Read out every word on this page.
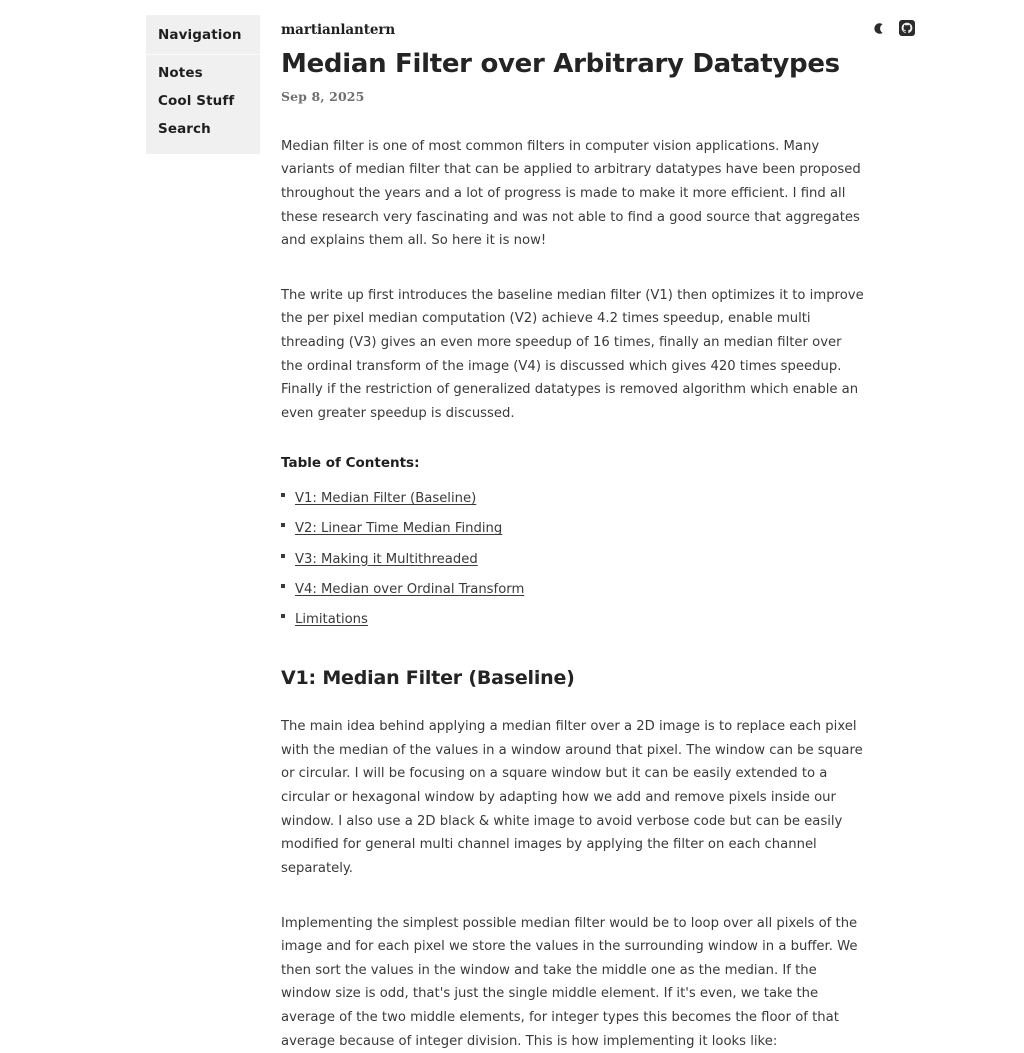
Navigation
Notes
Cool Stuff
Search
martianlantern
Median Filter over Arbitrary Datatypes
Sep 8, 2025

Median filter is one of most common filters in computer vision applications. Many variants of median filter that can be applied to arbitrary datatypes have been proposed throughout the years and a lot of progress is made to make it more efficient. I find all these research very fascinating and was not able to find a good source that aggregates and explains them all. So here it is now!

The write up first introduces the baseline median filter (V1) then optimizes it to improve the per pixel median computation (V2) achieve 4.2 times speedup, enable multi threading (V3) gives an even more speedup of 16 times, finally an median filter over the ordinal transform of the image (V4) is discussed which gives 420 times speedup. Finally if the restriction of generalized datatypes is removed algorithm which enable an even greater speedup is discussed.

Table of Contents:
V1: Median Filter (Baseline)
V2: Linear Time Median Finding
V3: Making it Multithreaded
V4: Median over Ordinal Transform
Limitations
V1: Median Filter (Baseline)

The main idea behind applying a median filter over a 2D image is to replace each pixel with the median of the values in a window around that pixel. The window can be square or circular. I will be focusing on a square window but it can be easily extended to a circular or hexagonal window by adapting how we add and remove pixels inside our window. I also use a 2D black & white image to avoid verbose code but can be easily modified for general multi channel images by applying the filter on each channel separately.

Implementing the simplest possible median filter would be to loop over all pixels of the image and for each pixel we store the values in the surrounding window in a buffer. We then sort the values in the window and take the middle one as the median. If the window size is odd, that's just the single middle element. If it's even, we take the average of the two middle elements, for integer types this becomes the floor of that average because of integer division. This is how implementing it looks like:
